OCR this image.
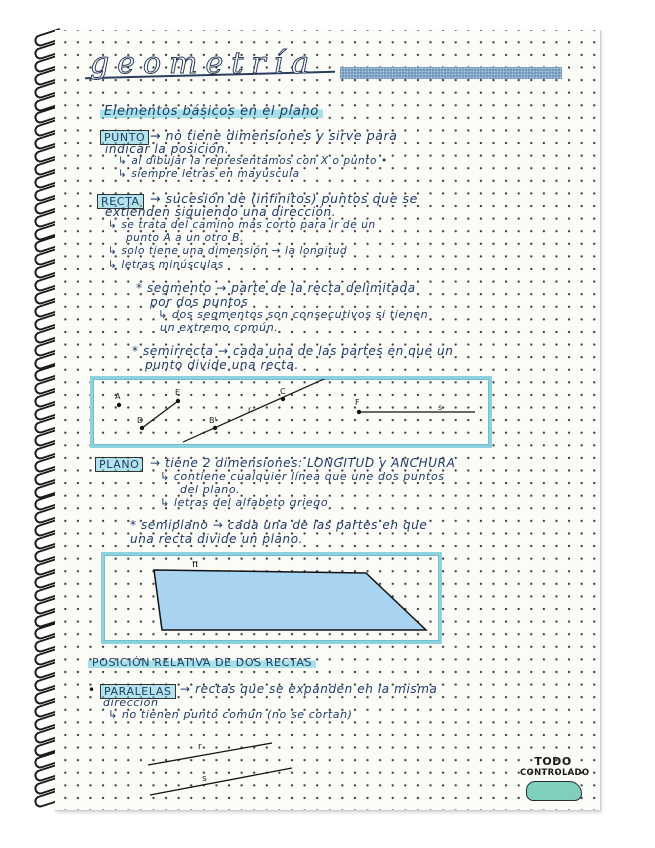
geometría
Elementos básicos en el plano
PUNTO → no tiene dimensiones y sirve para
indicar la posición.
↳ al dibujar la representamos con X o punto •
↳ siempre letras en mayúscula
RECTA → sucesión de (infinitos) puntos que se
extienden siguiendo una dirección.
↳ se trata del camino más corto para ir de un
punto A a un otro B.
↳ solo tiene una dimensión → la longitud
↳ letras minúsculas
* segmento → parte de la recta delimitada
por dos puntos
↳ dos segmentos son consecutivos si tienen
un extremo común.
* semirrecta → cada una de las partes en que un
punto divide una recta.
A
D
E
B'
r
C
F
s
PLANO → tiene 2 dimensiones: LONGITUD y ANCHURA
↳ contiene cualquier línea que une dos puntos
del plano.
↳ letras del alfabeto griego
* semiplano → cada una de las partes en que
una recta divide un plano.
π
POSICIÓN RELATIVA DE DOS RECTAS
• PARALELAS → rectas que se expanden en la misma
dirección
↳ no tienen punto común (no se cortan)
r
s
TODO
CONTROLADO
